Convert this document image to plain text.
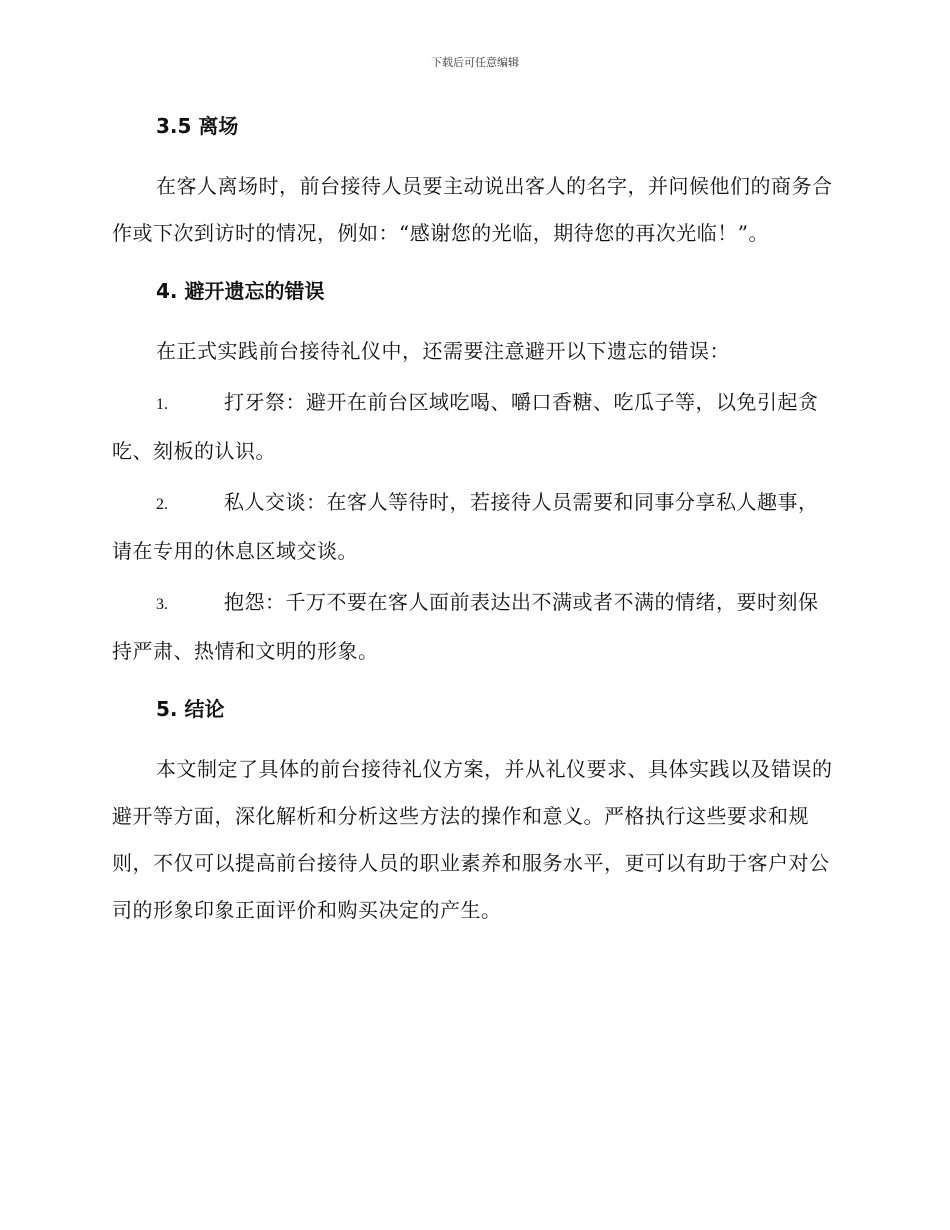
下载后可任意编辑
3.5 离场

在客人离场时，前台接待人员要主动说出客人的名字，并问候他们的商务合作或下次到访时的情况，例如：“感谢您的光临，期待您的再次光临！”。

4. 避开遗忘的错误

在正式实践前台接待礼仪中，还需要注意避开以下遗忘的错误：

1.	打牙祭：避开在前台区域吃喝、嚼口香糖、吃瓜子等，以免引起贪吃、刻板的认识。

2.	私人交谈：在客人等待时，若接待人员需要和同事分享私人趣事，请在专用的休息区域交谈。

3.	抱怨：千万不要在客人面前表达出不满或者不满的情绪，要时刻保持严肃、热情和文明的形象。

5. 结论

本文制定了具体的前台接待礼仪方案，并从礼仪要求、具体实践以及错误的避开等方面，深化解析和分析这些方法的操作和意义。严格执行这些要求和规则，不仅可以提高前台接待人员的职业素养和服务水平，更可以有助于客户对公司的形象印象正面评价和购买决定的产生。
